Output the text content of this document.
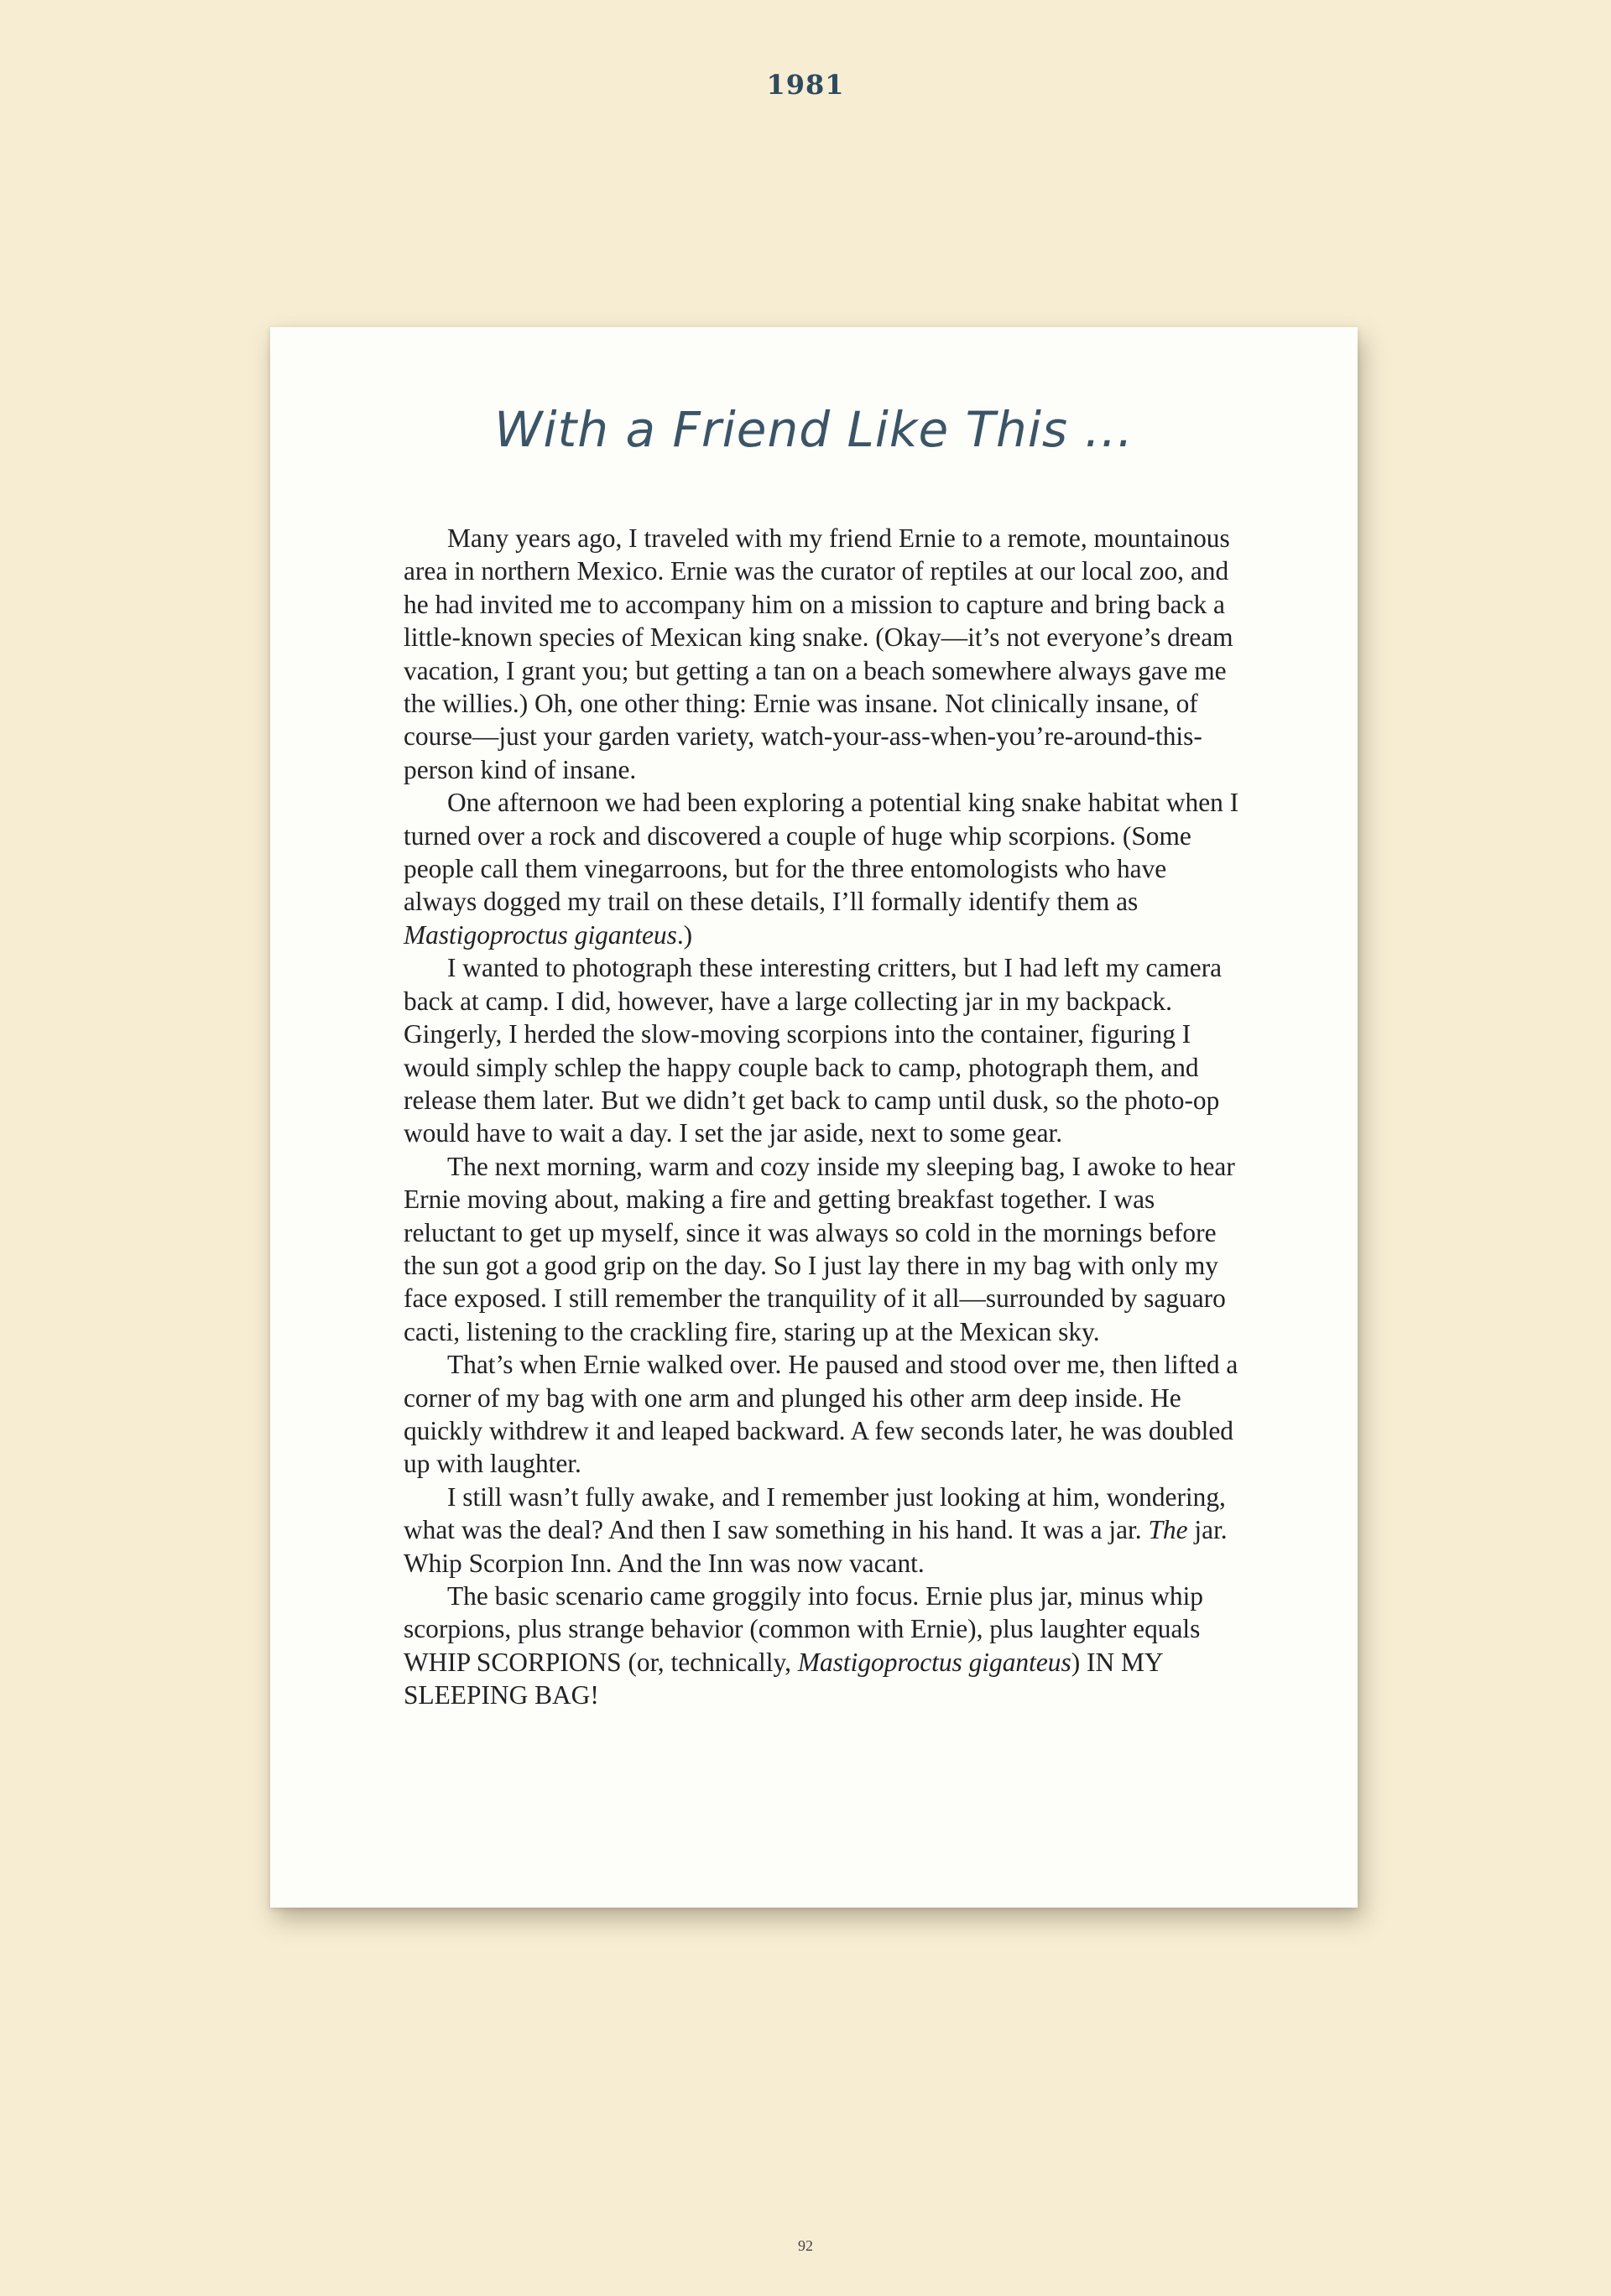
1981
With a Friend Like This ...

Many years ago, I traveled with my friend Ernie to a remote, mountainous area in northern Mexico. Ernie was the curator of reptiles at our local zoo, and he had invited me to accompany him on a mission to capture and bring back a little-known species of Mexican king snake. (Okay—it’s not everyone’s dream vacation, I grant you; but getting a tan on a beach somewhere always gave me the willies.) Oh, one other thing: Ernie was insane. Not clinically insane, of course—just your garden variety, watch-your-ass-when-you’re-around-this-person kind of insane.

One afternoon we had been exploring a potential king snake habitat when I turned over a rock and discovered a couple of huge whip scorpions. (Some people call them vinegarroons, but for the three entomologists who have always dogged my trail on these details, I’ll formally identify them as Mastigoproctus giganteus.)

I wanted to photograph these interesting critters, but I had left my camera back at camp. I did, however, have a large collecting jar in my backpack. Gingerly, I herded the slow-moving scorpions into the container, figuring I would simply schlep the happy couple back to camp, photograph them, and release them later. But we didn’t get back to camp until dusk, so the photo-op would have to wait a day. I set the jar aside, next to some gear.

The next morning, warm and cozy inside my sleeping bag, I awoke to hear Ernie moving about, making a fire and getting breakfast together. I was reluctant to get up myself, since it was always so cold in the mornings before the sun got a good grip on the day. So I just lay there in my bag with only my face exposed. I still remember the tranquility of it all—surrounded by saguaro cacti, listening to the crackling fire, staring up at the Mexican sky.

That’s when Ernie walked over. He paused and stood over me, then lifted a corner of my bag with one arm and plunged his other arm deep inside. He quickly withdrew it and leaped backward. A few seconds later, he was doubled up with laughter.

I still wasn’t fully awake, and I remember just looking at him, wondering, what was the deal? And then I saw something in his hand. It was a jar. The jar. Whip Scorpion Inn. And the Inn was now vacant.

The basic scenario came groggily into focus. Ernie plus jar, minus whip scorpions, plus strange behavior (common with Ernie), plus laughter equals WHIP SCORPIONS (or, technically, Mastigoproctus giganteus) IN MY SLEEPING BAG!

92
